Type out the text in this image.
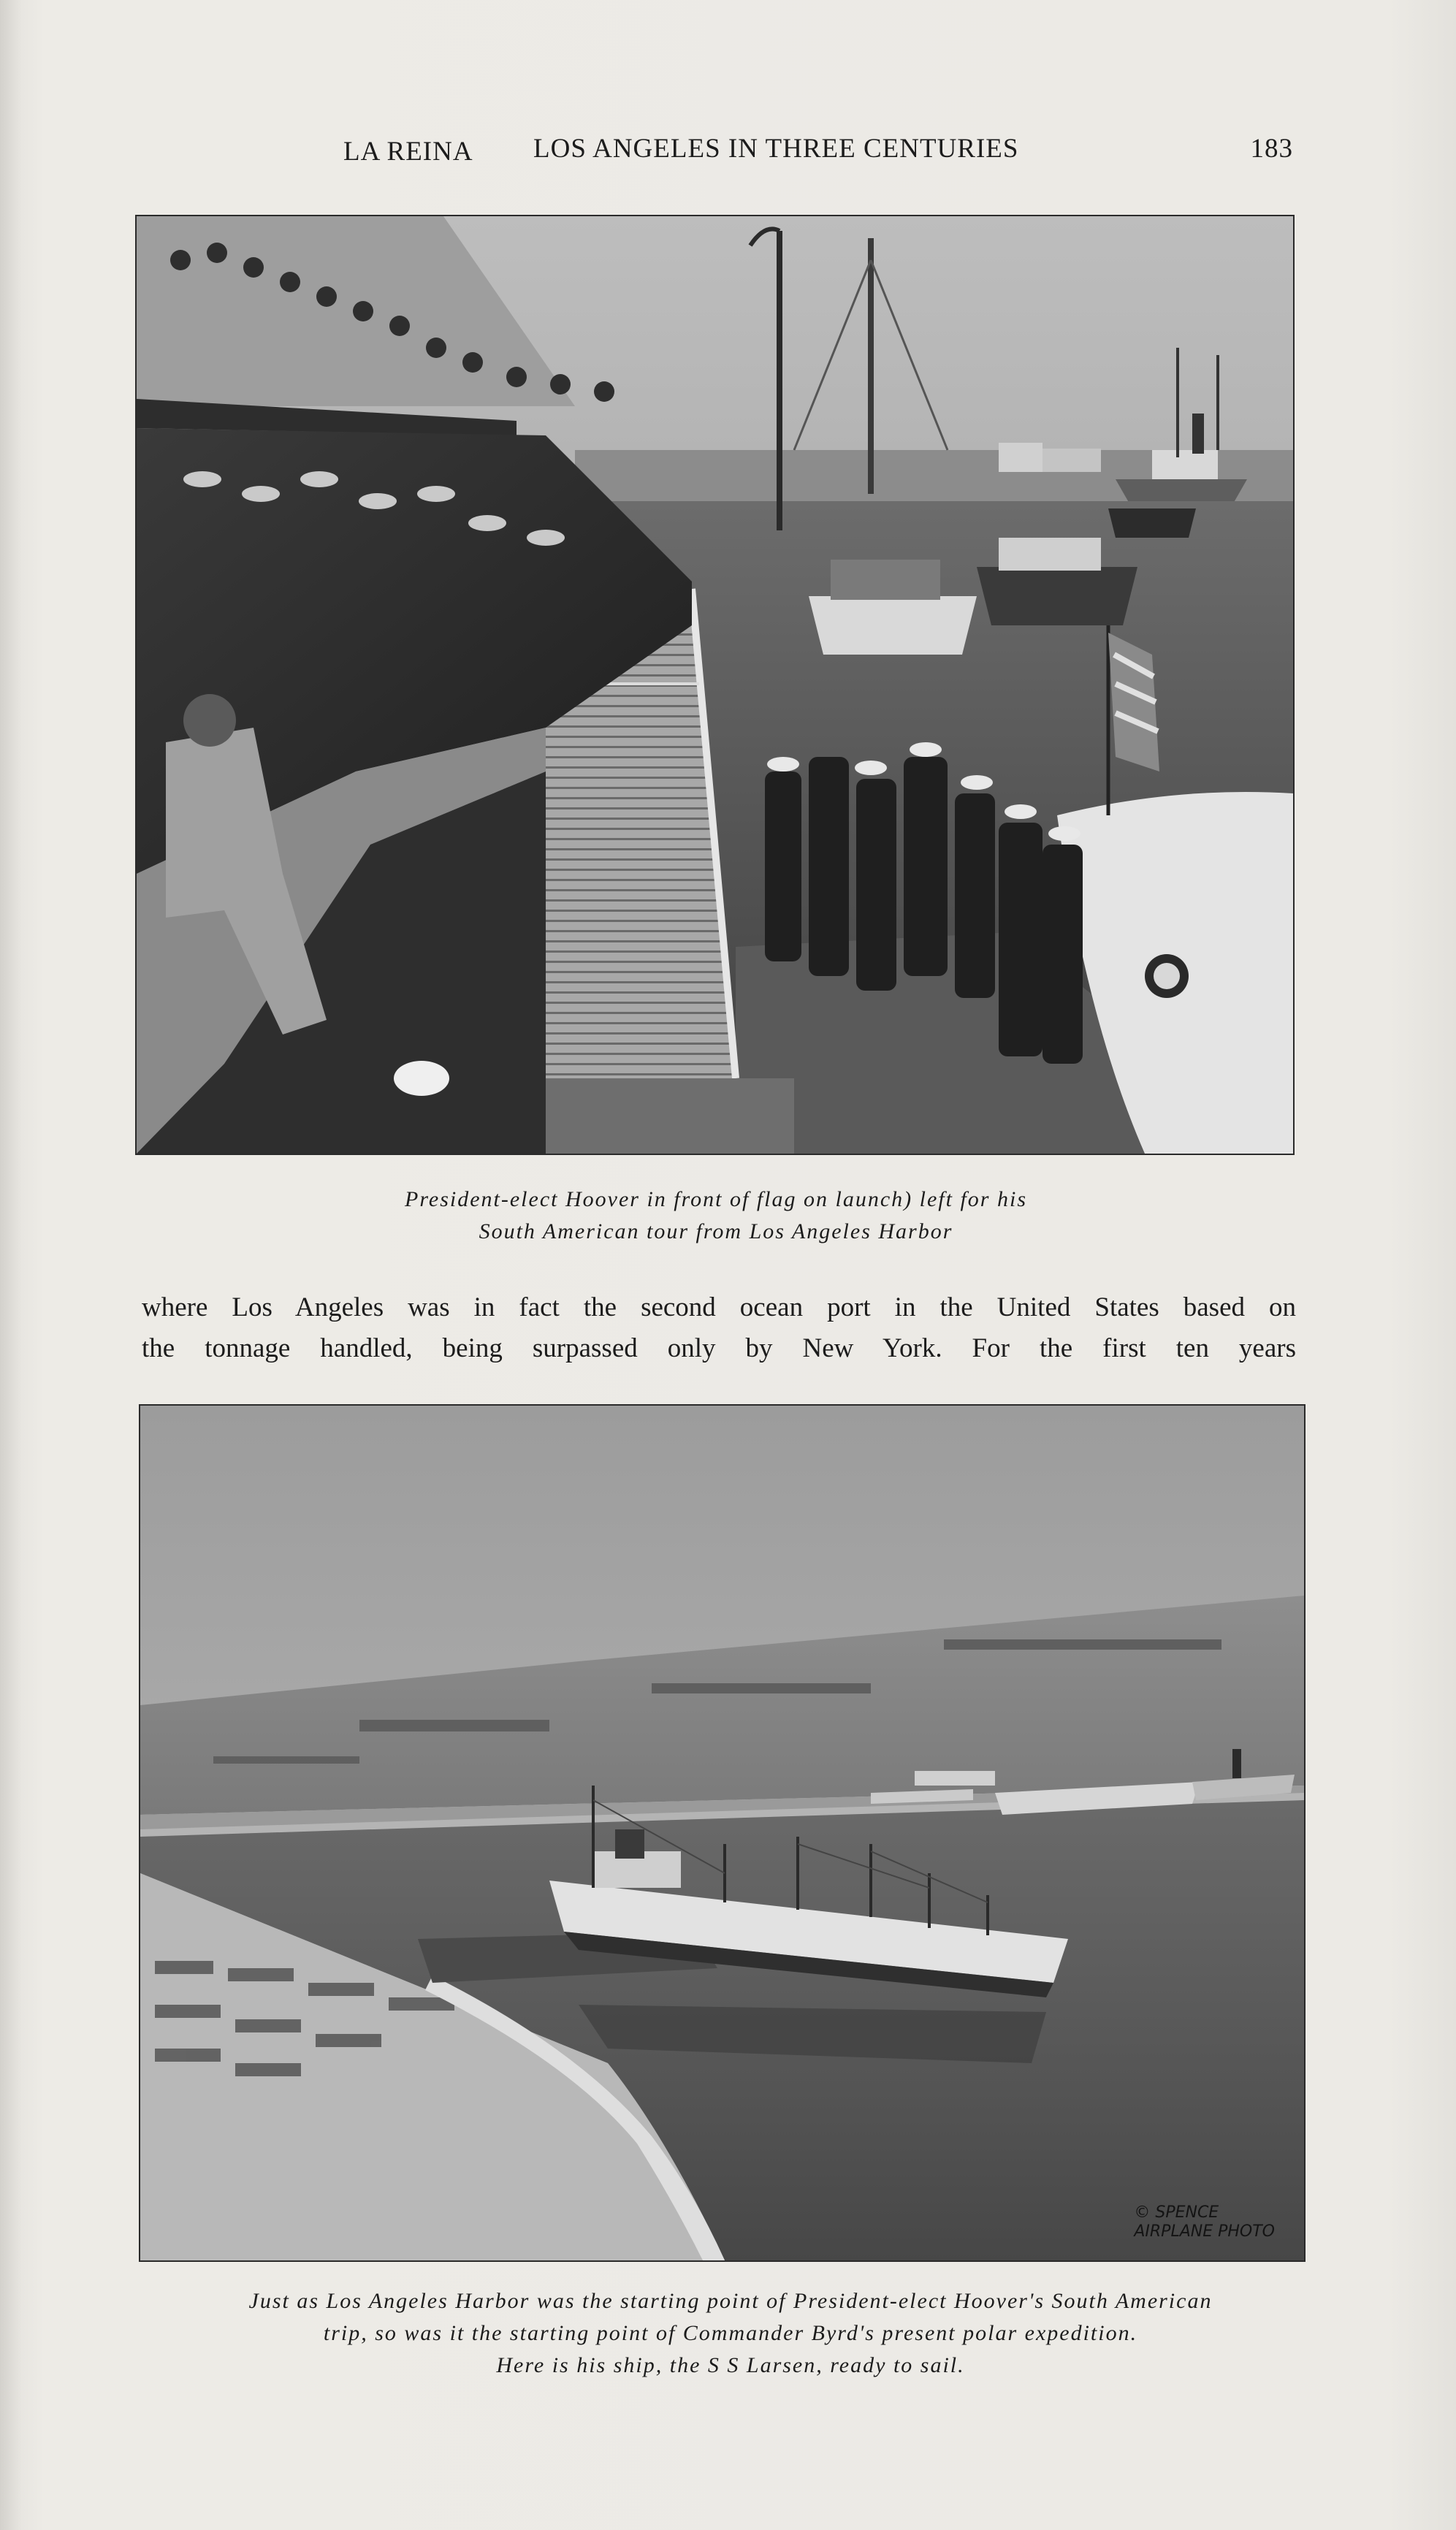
LA REINA LOS ANGELES IN THREE CENTURIES	183
President-elect Hoover in front of flag on launch) left for his
South American tour from Los Angeles Harbor
where Los Angeles was in fact the second ocean port in the United States based on
the tonnage handled, being surpassed only by New York. For the first ten years
© SPENCE
AIRPLANE PHOTO
Just as Los Angeles Harbor was the starting point of President-elect Hoover's South American
trip, so was it the starting point of Commander Byrd's present polar expedition.
Here is his ship, the S S Larsen, ready to sail.
